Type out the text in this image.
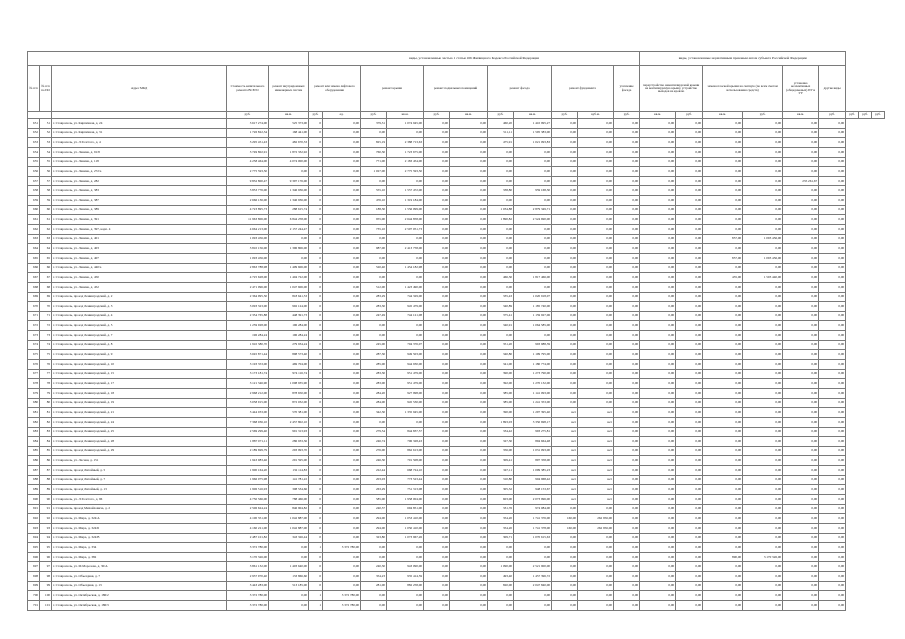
					виды, установленные частью 1 статьи 166 Жилищного Кодекса Российской Федерации											виды, установленные нормативным правовым актом субъекта Российской Федерации								
№ п/п	№ п/п по ПО	Адрес МКД	Стоимость капитального ремонта ВСЕГО	ремонт внутридомовых инженерных систем	ремонт или замена лифтового оборудования		ремонт крыши		ремонт подвальных помещений		ремонт фасада		ремонт фундамента		утепление фасада	переустройство невентилируемой крыши на вентилируемую крышу, устройство выходов на кровлю		замена плоской крыши на скатную (по всем сметам использования средств)		установка коллективных (общедомовых) ПУ и УУ	другие виды			
			руб.	кв.м.	руб.	ед.	руб.	кв.м.	руб.	кв.м.	руб.	кв.м.	руб.	куб.м.	руб.	кв.м.	руб.	кв.м.	руб.	кв.м.	руб.	руб.	руб.	руб.
651	51	г. Ставрополь, ул. Кирпичная, д. 24	3 617 274,00	525 373,00	0	0,00	379,31	1 074 945,00	0,00	0,00	460,20	1 410 995,27	0,00	0,00	0,00	0,00	0,00	0,00	0,00	0,00	0,00			
652	52	г. Ставрополь, ул. Кирпичная, д. 31	1 726 822,34	168 441,00	0	0,00	0,00	0,00	0,00	0,00	511,11	1 595 383,00	0,00	0,00	0,00	0,00	0,00	0,00	0,00	0,00	0,00			
653	53	г. Ставрополь, ул. Л.Толстого, д. 4	3 295 451,43	482 670,33	0	0,00	825,19	2 388 713,63	0,00	0,00	475,91	1 021 093,83	0,00	0,00	0,00	0,00	0,00	0,00	0,00	0,00	0,00			
654	54	г. Ставрополь, ул. Ленина, д. 91/8	3 749 802,91	1 872 332,92	0	0,00	760,30	1 723 675,00	0,00	0,00	0,00	0,00	0,00	0,00	0,00	0,00	0,00	0,00	0,00	0,00	0,00			
655	55	г. Ставрополь, ул. Ленина, д. 118	4 258 464,00	4 074 000,00	0	0,00	771,00	2 183 454,00	0,00	0,00	0,00	0,00	0,00	0,00	0,00	0,00	0,00	0,00	0,00	0,00	0,00			
656	56	г. Ставрополь, ул. Ленина, д. 272/а	2 775 593,50	0,00	0	0,00	1 027,00	2 775 593,50	0,00	0,00	0,00	0,00	0,00	0,00	0,00	0,00	0,00	0,00	0,00	0,00	0,00			
657	57	г. Ставрополь, ул. Ленина, д. 282	9 832 800,47	9 397 176,00	0	0,00	0,00	0,00	0,00	0,00	0,00	0,00	0,00	0,00	0,00	0,00	0,00	0,00	0,00	235 261,67	0,00			
658	58	г. Ставрополь, ул. Ленина, д. 383	3 853 776,00	1 346 936,00	0	0,00	555,10	1 557 472,00	0,00	0,00	338,80	959 168,30	0,00	0,00	0,00	0,00	0,00	0,00	0,00	0,00	0,00			
659	59	г. Ставрополь, ул. Ленина, д. 387	2 666 136,00	1 346 936,00	0	0,00	476,10	1 319 184,00	0,00	0,00	0,00	0,00	0,00	0,00	0,00	0,00	0,00	0,00	0,00	0,00	0,00			
660	60	г. Ставрополь, ул. Ленина, д. 389	4 723 895,73	288 615,74	0	0,00	188,30	1 556 099,00	0,00	0,00	1 034,88	2 879 349,71	0,00	0,00	0,00	0,00	0,00	0,00	0,00	0,00	0,00			
661	61	г. Ставрополь, ул. Ленина, д. 391	11 963 806,00	6 844 258,00	0	0,00	955,00	2 644 858,00	0,00	0,00	1 890,82	2 524 690,00	0,00	0,00	0,00	0,00	0,00	0,00	0,00	0,00	0,00			
662	62	г. Ставрополь, ул. Ленина, д. 397, корп. 4	4 664 213,00	2 157 244,47	0	0,00	735,10	2 507 051,73	0,00	0,00	0,00	0,00	0,00	0,00	0,00	0,00	0,00	0,00	0,00	0,00	0,00			
663	63	г. Ставрополь, ул. Ленина, д. 401	1 093 456,00	0,00	0	0,00	0,00	0,00	0,00	0,00	0,00	0,00	0,00	0,00	0,00	0,00	0,00	857,00	1 093 456,00	0,00	0,00			
664	64	г. Ставрополь, ул. Ленина, д. 403	3 810 156,00	1 396 806,00	0	0,00	987,00	2 413 758,00	0,00	0,00	0,00	0,00	0,00	0,00	0,00	0,00	0,00	0,00	0,00	0,00	0,00			
665	65	г. Ставрополь, ул. Ленина, д. 407	1 093 456,00	0,00	0	0,00	0,00	0,00	0,00	0,00	0,00	0,00	0,00	0,00	0,00	0,00	0,00	857,00	1 093 456,00	0,00	0,00			
666	66	г. Ставрополь, ул. Ленина, д. 440/а	2 863 788,98	1 409 606,00	0	0,00	520,40	1 454 182,98	0,00	0,00	0,00	0,00	0,00	0,00	0,00	0,00	0,00	0,00	0,00	0,00	0,00			
667	67	г. Ставрополь, ул. Ленина, д. 450	4 725 628,00	1 404 722,00	0	0,00	0,00	0,00	0,00	0,00	466,30	1 817 466,00	0,00	0,00	0,00	0,00	0,00	435,00	1 503 440,00	0,00	0,00			
668	68	г. Ставрополь, ул. Ленина, д. 452	2 471 096,00	1 047 606,00	0	0,00	512,00	1 423 490,00	0,00	0,00	0,00	0,00	0,00	0,00	0,00	0,00	0,00	0,00	0,00	0,00	0,00			
669	69	г. Ставрополь, проезд Ленинградский, д. 2	2 364 995,50	818 641,53	0	0,00	283,29	744 329,00	0,00	0,00	335,43	1 020 918,07	0,00	0,00	0,00	0,00	0,00	0,00	0,00	0,00	0,00			
670	70	г. Ставрополь, проезд Ленинградский, д. 3	3 093 323,00	992 124,00	0	0,00	283,30	945 479,00	0,00	0,00	340,89	1 185 740,00	0,00	0,00	0,00	0,00	0,00	0,00	0,00	0,00	0,00			
671	71	г. Ставрополь, проезд Ленинградский, д. 4	2 354 765,88	448 391,73	0	0,00	247,49	744 121,08	0,00	0,00	375,41	1 159 927,06	0,00	0,00	0,00	0,00	0,00	0,00	0,00	0,00	0,00			
672	72	г. Ставрополь, проезд Ленинградский, д. 5	1 259 928,00	196 284,00	0	0,00	0,00	0,00	0,00	0,00	340,91	1 064 585,00	0,00	0,00	0,00	0,00	0,00	0,00	0,00	0,00	0,00			
673	73	г. Ставрополь, проезд Ленинградский, д. 7	196 284,24	196 284,24	0	0,00	0,00	0,00	0,00	0,00	0,00	0,00	0,00	0,00	0,00	0,00	0,00	0,00	0,00	0,00	0,00			
674	74	г. Ставрополь, проезд Ленинградский, д. 8	1 910 380,70	279 934,24	0	0,00	245,00	704 376,07	0,00	0,00	351,20	993 988,39	0,00	0,00	0,00	0,00	0,00	0,00	0,00	0,00	0,00			
675	75	г. Ставрополь, проезд Ленинградский, д. 9	3 045 871,44	898 573,40	0	0,00	287,30	949 503,00	0,00	0,00	340,80	1 199 795,00	0,00	0,00	0,00	0,00	0,00	0,00	0,00	0,00	0,00			
676	76	г. Ставрополь, проезд Ленинградский, д. 10	3 193 353,00	469 704,00	0	0,00	285,00	944 930,00	0,00	0,00	341,00	1 180 774,00	0,00	0,00	0,00	0,00	0,00	0,00	0,00	0,00	0,00			
677	77	г. Ставрополь, проезд Ленинградский, д. 15	3 173 181,74	974 116,74	0	0,00	283,30	951 479,00	0,00	0,00	390,00	1 273 790,00	0,00	0,00	0,00	0,00	0,00	0,00	0,00	0,00	0,00			
678	78	г. Ставрополь, проезд Ленинградский, д. 17	3 121 346,90	1 008 935,90	0	0,00	283,00	951 479,00	0,00	0,00	392,00	1 270 132,00	0,00	0,00	0,00	0,00	0,00	0,00	0,00	0,00	0,00			
679	79	г. Ставрополь, проезд Ленинградский, д. 18	2 968 212,00	878 650,00	0	0,00	284,20	927 998,00	0,00	0,00	385,00	1 141 093,00	0,00	0,00	0,00	0,00	0,00	0,00	0,00	0,00	0,00			
680	80	г. Ставрополь, проезд Ленинградский, д. 19	3 058 915,00	872 032,00	0	0,00	284,00	945 530,00	0,00	0,00	385,00	1 241 353,00	0,00	0,00	0,00	0,00	0,00	0,00	0,00	0,00	0,00			
681	81	г. Ставрополь, проезд Ленинградский, д. 21	3 444 033,00	570 381,00	0	0,00	342,30	1 335 945,00	0,00	0,00	390,00	1 297 395,40	нет	нет	0,00	0,00	0,00	0,00	0,00	0,00	0,00			
682	82	г. Ставрополь, проезд Ленинградский, д. 24	7 368 036,10	2 457 802,10	0	0,00	0,00	0,00	0,00	0,00	1 893,03	3 350 698,17	нет	нет	0,00	0,00	0,00	0,00	0,00	0,00	0,00			
683	83	г. Ставрополь, проезд Ленинградский, д. 25	2 569 299,40	991 313,93	0	0,00	279,54	844 837,57	0,00	0,00	334,42	993 275,81	нет	нет	0,00	0,00	0,00	0,00	0,00	0,00	0,00			
684	84	г. Ставрополь, проезд Ленинградский, д. 28	1 887 071,11	286 933,36	0	0,00	246,74	706 328,43	0,00	0,00	327,30	894 664,48	нет	нет	0,00	0,00	0,00	0,00	0,00	0,00	0,00			
685	85	г. Ставрополь, проезд Ленинградский, д. 29	2 189 699,79	293 993,70	0	0,00	276,00	862 613,00	0,00	0,00	356,00	1 031 093,00	нет	нет	0,00	0,00	0,00	0,00	0,00	0,00	0,00			
686	86	г. Ставрополь, ул. Лесная, д. 151	1 943 983,46	291 595,00	0	0,00	246,30	701 508,00	0,00	0,00	309,41	897 358,00	нет	нет	0,00	0,00	0,00	0,00	0,00	0,00	0,00			
687	87	г. Ставрополь, проезд Литейный, д. 5	1 900 164,20	132 114,83	0	0,00	222,44	668 724,10	0,00	0,00	347,11	1 099 385,23	нет	нет	0,00	0,00	0,00	0,00	0,00	0,00	0,00			
688	88	г. Ставрополь, проезд Литейный, д. 7	1 966 075,98	141 781,22	0	0,00	203,03	773 523,44	0,00	0,00	310,80	904 968,42	нет	нет	0,00	0,00	0,00	0,00	0,00	0,00	0,00			
689	89	г. Ставрополь, проезд Литейный, д. 13	1 906 516,93	308 534,66	0	0,00	263,29	751 313,08	0,00	0,00	305,32	948 153,67	нет	нет	0,00	0,00	0,00	0,00	0,00	0,00	0,00			
690	90	г. Ставрополь, ул. Л.Толстого, д. 96	4 750 566,00	788 466,00	0	0,00	585,00	1 958 004,00	0,00	0,00	603,00	2 073 996,00	нет	нет	0,00	0,00	0,00	0,00	0,00	0,00	0,00			
691	91	г. Ставрополь, проезд Михайловича, д. 2	2 506 624,24	846 904,82	0	0,00	240,37	694 851,00	0,00	0,00	331,76	974 084,00	0,00	0,00	0,00	0,00	0,00	0,00	0,00	0,00	0,00			
692	92	г. Ставрополь, ул. Мира, д. 324/А	4 100 351,00	1 042 887,00	0	0,00	294,00	1 053 410,00	0,00	0,00	354,20	1 741 376,00	160,00	262 956,00	0,00	0,00	0,00	0,00	0,00	0,00	0,00			
693	93	г. Ставрополь, ул. Мира, д. 324/Б	4 160 221,00	1 042 887,00	0	0,00	294,00	1 050 410,00	0,00	0,00	354,20	1 741 378,00	160,00	262 956,00	0,00	0,00	0,00	0,00	0,00	0,00	0,00			
694	94	г. Ставрополь, ул. Мира, д. 324/В	2 487 101,82	343 326,44	0	0,00	323,80	1 073 967,26	0,00	0,00	309,71	1 070 615,63	0,00	0,00	0,00	0,00	0,00	0,00	0,00	0,00	0,00			
695	95	г. Ставрополь, ул. Мира, д. 334	3 372 780,00	0,00	1	3 372 780,00	0,00	0,00	0,00	0,00	0,00	0,00	0,00	0,00	0,00	0,00	0,00	0,00	0,00	0,00	0,00			
696	96	г. Ставрополь, ул. Мира, д. 382	3 170 326,00	0,00	0	0,00	0,00	0,00	0,00	0,00	0,00	0,00	0,00	0,00	0,00	0,00	0,00	890,00	3 170 326,00	0,00	0,00			
697	97	г. Ставрополь, ул. М.Морозова, д. 30/А	3 861 132,00	1 403 640,00	0	0,00	240,30	943 090,00	0,00	0,00	1 090,00	2 521 900,00	0,00	0,00	0,00	0,00	0,00	0,00	0,00	0,00	0,00			
698	98	г. Ставрополь, ул. Объездная, д. 7	2 937 970,40	133 866,60	0	0,00	354,23	935 414,59	0,00	0,00	493,40	1 457 396,72	0,00	0,00	0,00	0,00	0,00	0,00	0,00	0,00	0,00			
699	99	г. Ставрополь, ул. Объездная, д. 13	3 443 283,00	513 185,00	0	0,00	281,00	882 258,00	0,00	0,00	820,00	2 047 840,00	0,00	0,00	0,00	0,00	0,00	0,00	0,00	0,00	0,00			
700	100	г. Ставрополь, ул. Октябрьская, д. 186/2	3 372 780,00	0,00	1	3 372 780,00	0,00	0,00	0,00	0,00	0,00	0,00	0,00	0,00	0,00	0,00	0,00	0,00	0,00	0,00	0,00			
701	101	г. Ставрополь, ул. Октябрьская, д. 186/3	3 372 780,00	0,00	1	3 372 780,00	0,00	0,00	0,00	0,00	0,00	0,00	0,00	0,00	0,00	0,00	0,00	0,00	0,00	0,00	0,00			
